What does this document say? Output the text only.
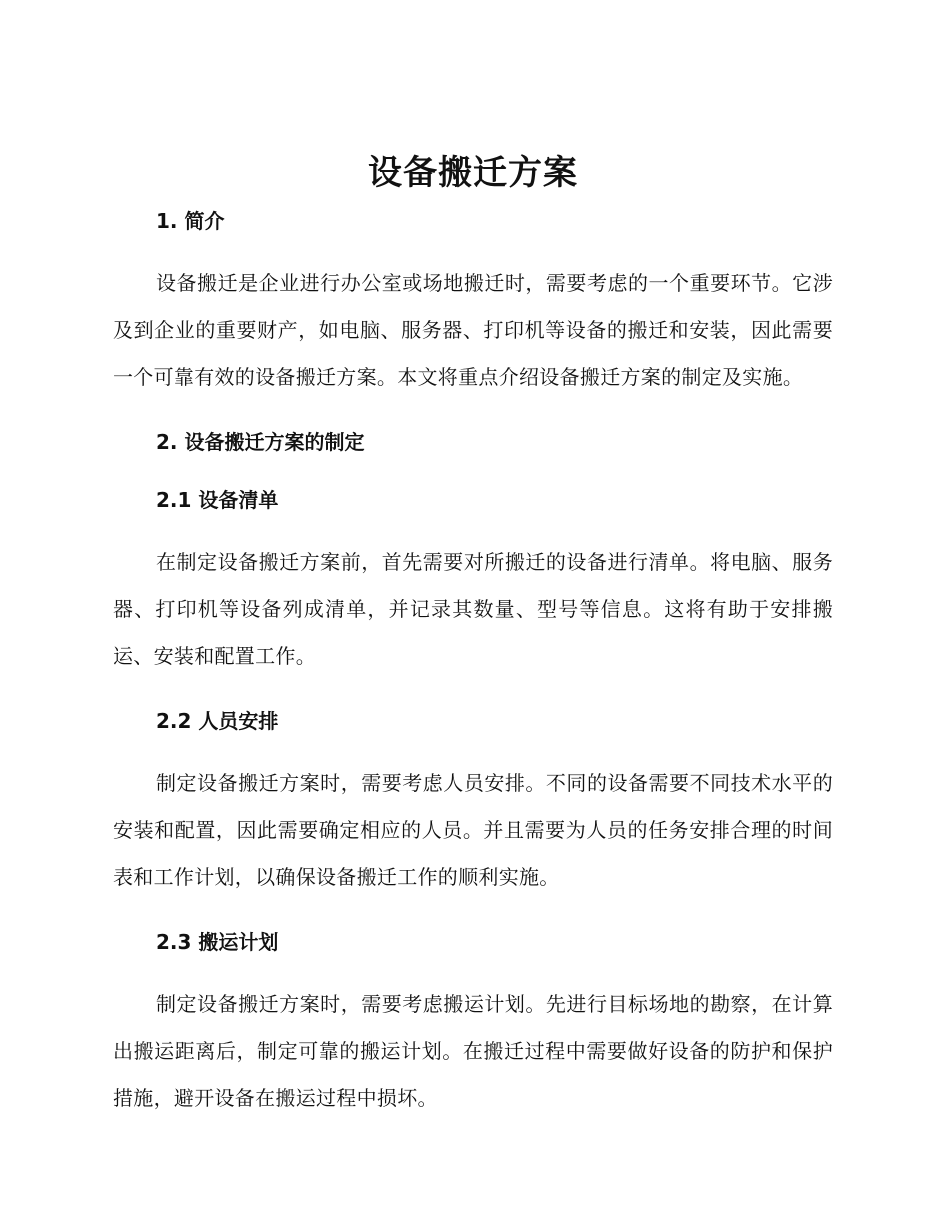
设备搬迁方案
1. 简介

设备搬迁是企业进行办公室或场地搬迁时，需要考虑的一个重要环节。它涉及到企业的重要财产，如电脑、服务器、打印机等设备的搬迁和安装，因此需要一个可靠有效的设备搬迁方案。本文将重点介绍设备搬迁方案的制定及实施。

2. 设备搬迁方案的制定
2.1 设备清单

在制定设备搬迁方案前，首先需要对所搬迁的设备进行清单。将电脑、服务器、打印机等设备列成清单，并记录其数量、型号等信息。这将有助于安排搬运、安装和配置工作。

2.2 人员安排

制定设备搬迁方案时，需要考虑人员安排。不同的设备需要不同技术水平的安装和配置，因此需要确定相应的人员。并且需要为人员的任务安排合理的时间表和工作计划，以确保设备搬迁工作的顺利实施。

2.3 搬运计划

制定设备搬迁方案时，需要考虑搬运计划。先进行目标场地的勘察，在计算出搬运距离后，制定可靠的搬运计划。在搬迁过程中需要做好设备的防护和保护措施，避开设备在搬运过程中损坏。
